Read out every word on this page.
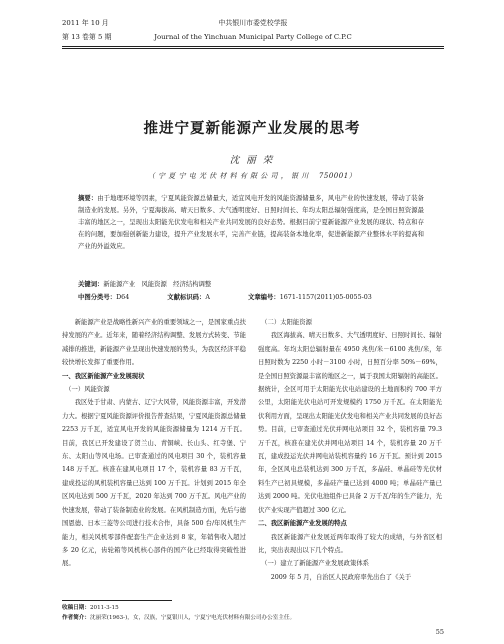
2011 年 10 月	中共银川市委党校学报
第 13 卷第 5 期	Journal of the Yinchuan Municipal Party College of C.P.C
推进宁夏新能源产业发展的思考
沈 丽 荣
（ 宁 夏 宁 电 光 伏 材 料 有 限 公 司 ， 银 川　 750001）
摘要：由于地理环境等因素，宁夏风能资源总储量大，适宜风电开发的风能资源储量多，风电产业的快速发展，带动了装备制造业的发展。另外，宁夏海拔高、晴天日数多、大气透明度好、日照时间长、年均太阳总辐射强度高，是全国日照资源最丰富的地区之一，呈现出太阳能光伏发电和相关产业共同发展的良好态势。根据目前宁夏新能源产业发展的现状、特点和存在的问题，要加强创新能力建设，提升产业发展水平，完善产业链，提高装备本地化率，促进新能源产业整体水平的提高和产业的外溢效应。
关键词：新能源产业　风能资源　经济结构调整
中图分类号：D64	文献标识码：A	文章编号：1671-1157(2011)05-0055-03

新能源产业是战略性新兴产业的重要领域之一，是国家重点扶持发展的产业。近年来，随着经济结构调整、发展方式转变、节能减排的推进，新能源产业呈现出快速发展的势头，为我区经济平稳较快增长发挥了重要作用。

一、我区新能源产业发展现状

（一）风能资源

我区处于甘肃、内蒙古、辽宁大风带，风能资源丰富，开发潜力大。根据宁夏风能资源评价报告普查结果，宁夏风能资源总储量 2253 万千瓦，适宜风电开发的风能资源储量为 1214 万千瓦。目前，我区已开发建设了贺兰山、青铜峡、长山头、红寺堡、宁东、太阳山等风电场。已审查通过的风电项目 30 个，装机容量 148 万千瓦。核准在建风电项目 17 个，装机容量 83 万千瓦，建成投运的风机装机容量已达到 100 万千瓦。计划到 2015 年全区风电达到 500 万千瓦，2020 年达到 700 万千瓦。风电产业的快速发展，带动了装备制造业的发展。在风机制造方面，先后与德国恩德、日本三菱等公司进行技术合作，具备 500 台/年风机生产能力，相关风机零部件配套生产企业达到 8 家，年销售收入超过多 20 亿元，齿轮箱等风机核心部件的国产化已经取得突破性进展。

（二）太阳能资源

我区海拔高、晴天日数多、大气透明度好、日照时间长、辐射强度高。年均太阳总辐射量在 4950 兆焦/米－6100 兆焦/米，年日照时数为 2250 小时－3100 小时，日照百分率 50%－69%，是全国日照资源最丰富的地区之一，属于我国太阳辐射的高能区。据统计，全区可用于太阳能光伏电站建设的土地面积约 700 平方公里，太阳能光伏电站可开发规模约 1750 万千瓦。在太阳能光伏利用方面，呈现出太阳能光伏发电和相关产业共同发展的良好态势。目前，已审查通过光伏并网电站项目 32 个，装机容量 79.3 万千瓦，核准在建光伏并网电站项目 14 个，装机容量 20 万千瓦，建成投运光伏并网电站装机容量约 16 万千瓦。预计到 2015 年，全区风电总装机达到 300 万千瓦，多晶硅、单晶硅等光伏材料生产已初具规模，多晶硅产量已达到 4000 吨；单晶硅产量已达到 2000 吨。光伏电池组件已具备 2 万千瓦/年的生产能力，光伏产业实现产值超过 300 亿元。

二、我区新能源产业发展的特点

我区新能源产业发展近两年取得了较大的成绩，与外省区相比，突出表现出以下几个特点。

（一）建立了新能源产业发展政策体系

2009 年 5 月，自治区人民政府率先出台了《关于

收稿日期：2011-3-15
作者简介：沈丽荣(1963-)，女，汉族，宁夏银川人，宁夏宁电光伏材料有限公司办公室主任。
55
